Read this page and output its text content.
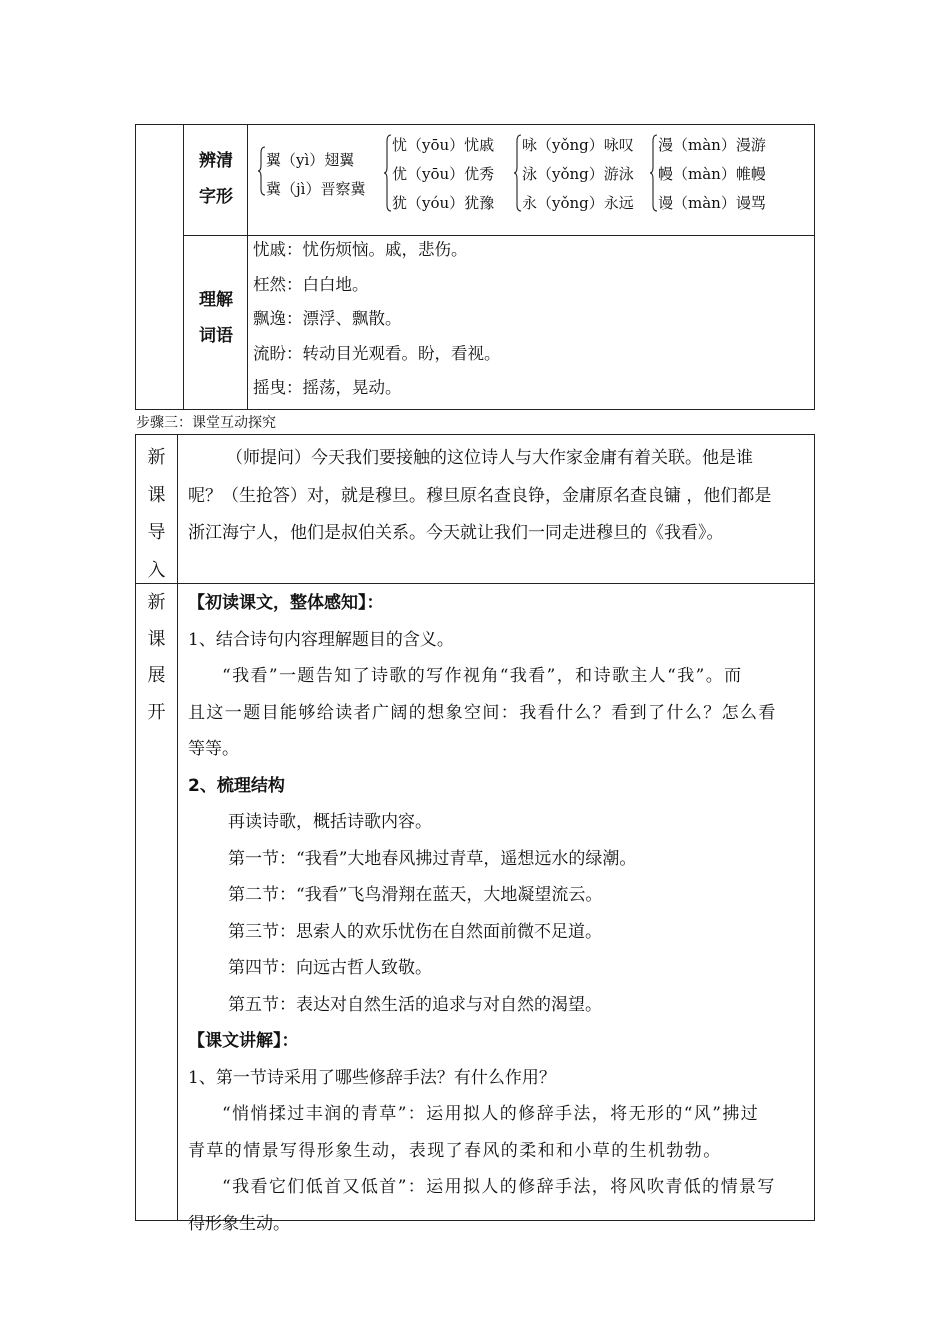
辨清
字形
理解
词语
翼（yì）翅翼
冀（jì）晋察冀
忧（yōu）忧戚
优（yōu）优秀
犹（yóu）犹豫
咏（yǒng）咏叹
泳（yǒng）游泳
永（yǒng）永远
漫（màn）漫游
幔（màn）帷幔
谩（màn）谩骂
忧戚：忧伤烦恼。戚，悲伤。
枉然：白白地。
飘逸：漂浮、飘散。
流盼：转动目光观看。盼，看视。
摇曳：摇荡，晃动。
步骤三：课堂互动探究
新
课
导
入
（师提问）今天我们要接触的这位诗人与大作家金庸有着关联。他是谁
呢？（生抢答）对，就是穆旦。穆旦原名查良铮，金庸原名查良镛 ，他们都是
浙江海宁人，他们是叔伯关系。今天就让我们一同走进穆旦的《我看》。
新
课
展
开
【初读课文，整体感知】：
1、结合诗句内容理解题目的含义。
“我看”一题告知了诗歌的写作视角“我看”，和诗歌主人“我”。而
且这一题目能够给读者广阔的想象空间：我看什么？看到了什么？怎么看
等等。
2、梳理结构
再读诗歌，概括诗歌内容。
第一节：“我看”大地春风拂过青草，遥想远水的绿潮。
第二节：“我看”飞鸟滑翔在蓝天，大地凝望流云。
第三节：思索人的欢乐忧伤在自然面前微不足道。
第四节：向远古哲人致敬。
第五节：表达对自然生活的追求与对自然的渴望。
【课文讲解】：
1、第一节诗采用了哪些修辞手法？有什么作用？
“悄悄揉过丰润的青草”：运用拟人的修辞手法，将无形的“风”拂过
青草的情景写得形象生动，表现了春风的柔和和小草的生机勃勃。
“我看它们低首又低首”：运用拟人的修辞手法，将风吹青低的情景写
得形象生动。
